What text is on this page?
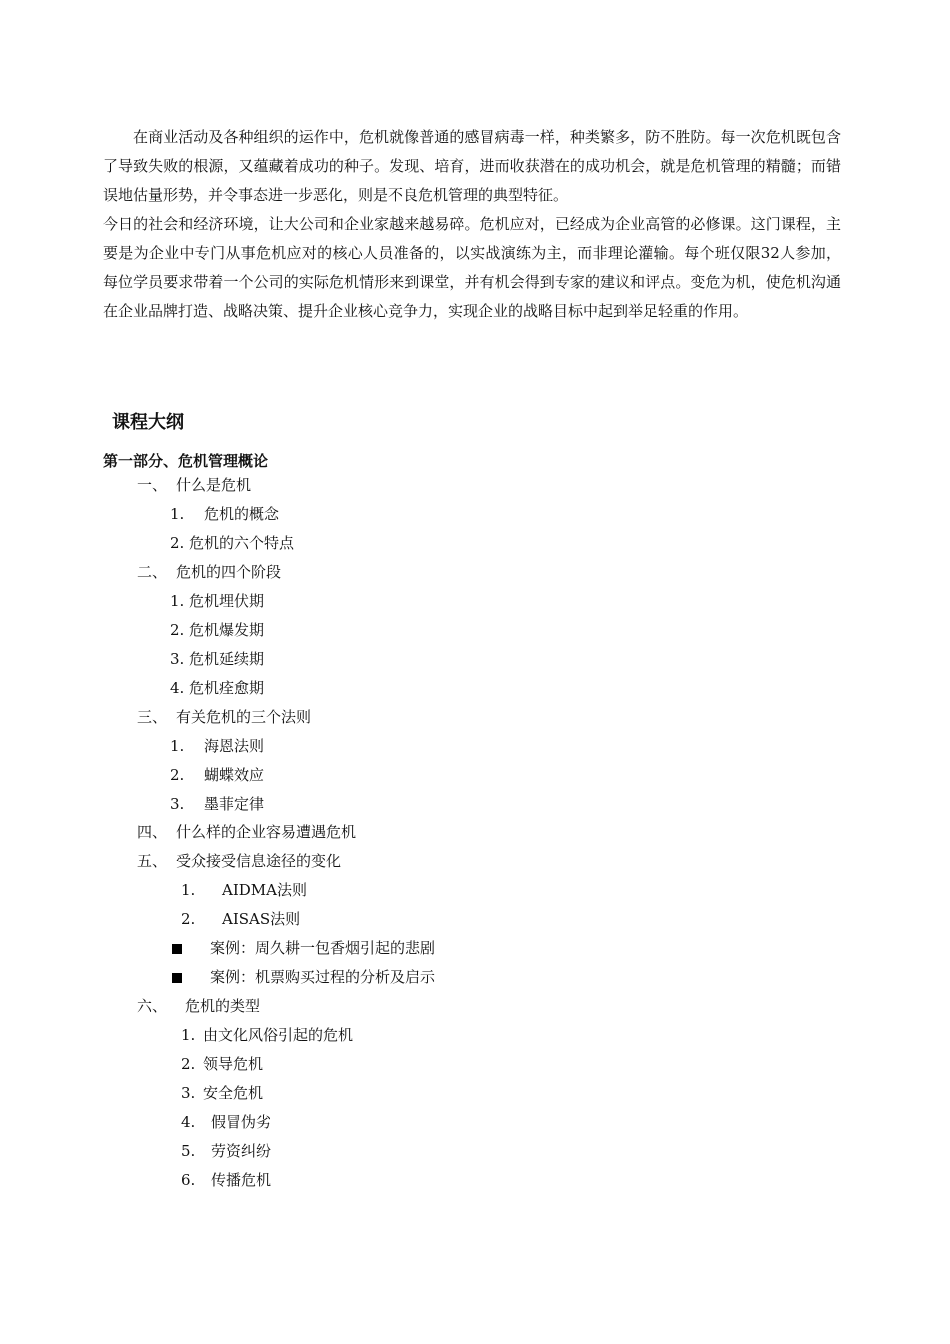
在商业活动及各种组织的运作中，危机就像普通的感冒病毒一样，种类繁多，防不胜防。每一次危机既包含了导致失败的根源，又蕴藏着成功的种子。发现、培育，进而收获潜在的成功机会，就是危机管理的精髓；而错误地估量形势，并令事态进一步恶化，则是不良危机管理的典型特征。

今日的社会和经济环境，让大公司和企业家越来越易碎。危机应对，已经成为企业高管的必修课。这门课程，主要是为企业中专门从事危机应对的核心人员准备的，以实战演练为主，而非理论灌输。每个班仅限32人参加，每位学员要求带着一个公司的实际危机情形来到课堂，并有机会得到专家的建议和评点。变危为机，使危机沟通在企业品牌打造、战略决策、提升企业核心竞争力，实现企业的战略目标中起到举足轻重的作用。

课程大纲
第一部分、危机管理概论
一、 什么是危机
1. 危机的概念
2. 危机的六个特点
二、 危机的四个阶段
1. 危机埋伏期
2. 危机爆发期
3. 危机延续期
4. 危机痊愈期
三、 有关危机的三个法则
1. 海恩法则
2. 蝴蝶效应
3. 墨菲定律
四、 什么样的企业容易遭遇危机
五、 受众接受信息途径的变化
1. AIDMA法则
2. AISAS法则
案例：周久耕一包香烟引起的悲剧
案例：机票购买过程的分析及启示
六、 危机的类型
1. 由文化风俗引起的危机
2. 领导危机
3. 安全危机
4. 假冒伪劣
5. 劳资纠纷
6. 传播危机
